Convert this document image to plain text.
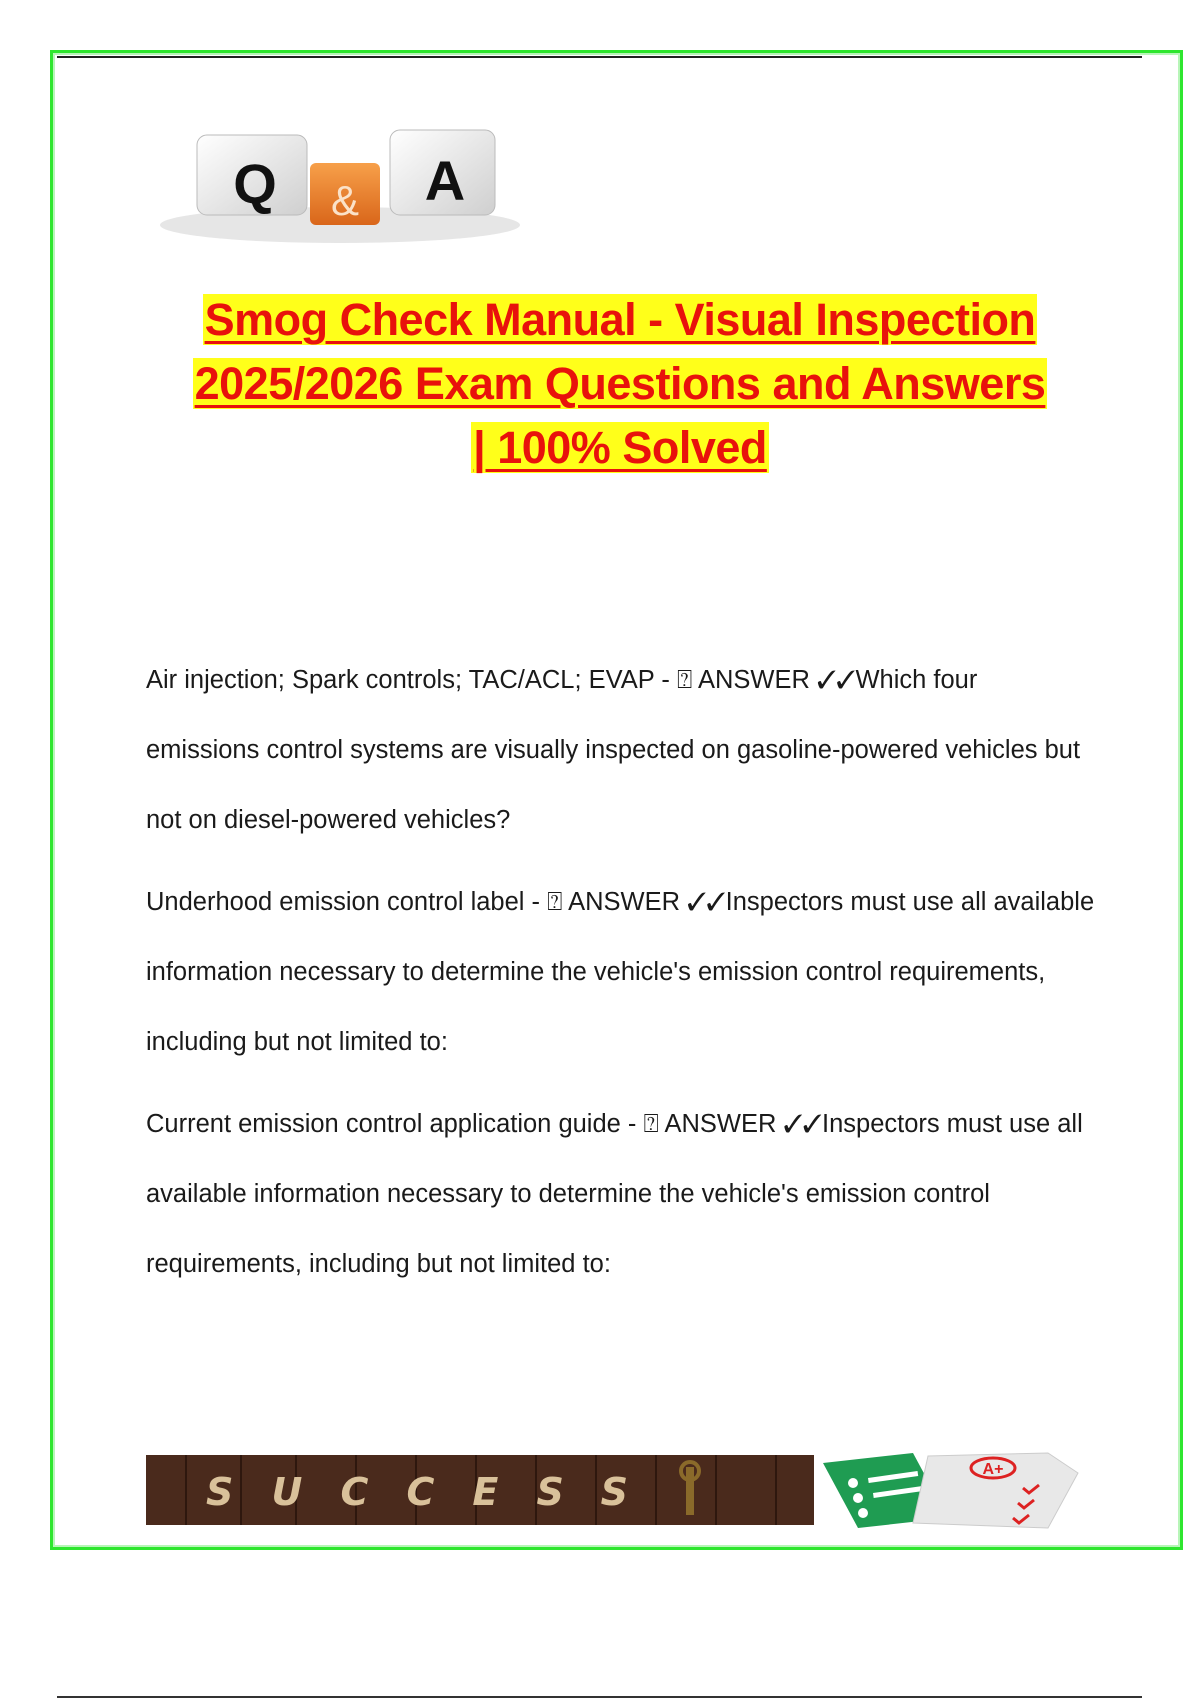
Q & A
Smog Check Manual - Visual Inspection
2025/2026 Exam Questions and Answers
| 100% Solved
Air injection; Spark controls; TAC/ACL; EVAP - ⍰ ANSWER ✓✓Which four emissions control systems are visually inspected on gasoline-powered vehicles but not on diesel-powered vehicles?
Underhood emission control label - ⍰ ANSWER ✓✓Inspectors must use all available information necessary to determine the vehicle's emission control requirements, including but not limited to:
Current emission control application guide - ⍰ ANSWER ✓✓Inspectors must use all available information necessary to determine the vehicle's emission control requirements, including but not limited to:
SUCCESS
A+
